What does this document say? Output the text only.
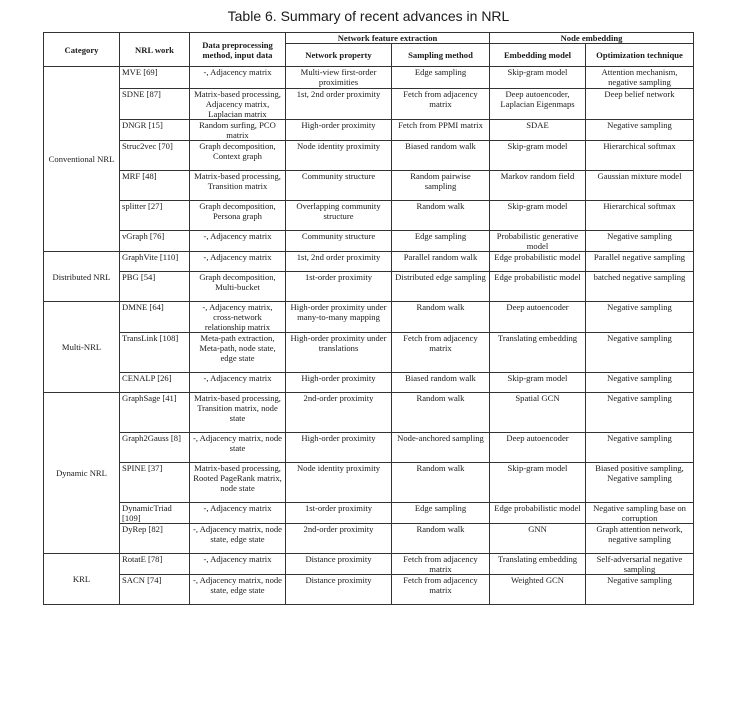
Table 6. Summary of recent advances in NRL
Category	NRL work	Data preprocessing method, input data	Network feature extraction		Node embedding	
			Network property	Sampling method	Embedding model	Optimization technique
Conventional NRL	MVE [69]	-, Adjacency matrix	Multi-view first-order proximities	Edge sampling	Skip-gram model	Attention mechanism, negative sampling
	SDNE [87]	Matrix-based processing, Adjacency matrix, Laplacian matrix	1st, 2nd order proximity	Fetch from adjacency matrix	Deep autoencoder, Laplacian Eigenmaps	Deep belief network
	DNGR [15]	Random surfing, PCO matrix	High-order proximity	Fetch from PPMI matrix	SDAE	Negative sampling
	Struc2vec [70]	Graph decomposition, Context graph	Node identity proximity	Biased random walk	Skip-gram model	Hierarchical softmax
	MRF [48]	Matrix-based processing, Transition matrix	Community structure	Random pairwise sampling	Markov random field	Gaussian mixture model
	splitter [27]	Graph decomposition, Persona graph	Overlapping community structure	Random walk	Skip-gram model	Hierarchical softmax
	vGraph [76]	-, Adjacency matrix	Community structure	Edge sampling	Probabilistic generative model	Negative sampling
Distributed NRL	GraphVite [110]	-, Adjacency matrix	1st, 2nd order proximity	Parallel random walk	Edge probabilistic model	Parallel negative sampling
	PBG [54]	Graph decomposition, Multi-bucket	1st-order proximity	Distributed edge sampling	Edge probabilistic model	batched negative sampling
Multi-NRL	DMNE [64]	-, Adjacency matrix, cross-network relationship matrix	High-order proximity under many-to-many mapping	Random walk	Deep autoencoder	Negative sampling
	TransLink [108]	Meta-path extraction, Meta-path, node state, edge state	High-order proximity under translations	Fetch from adjacency matrix	Translating embedding	Negative sampling
	CENALP [26]	-, Adjacency matrix	High-order proximity	Biased random walk	Skip-gram model	Negative sampling
Dynamic NRL	GraphSage [41]	Matrix-based processing, Transition matrix, node state	2nd-order proximity	Random walk	Spatial GCN	Negative sampling
	Graph2Gauss [8]	-, Adjacency matrix, node state	High-order proximity	Node-anchored sampling	Deep autoencoder	Negative sampling
	SPINE [37]	Matrix-based processing, Rooted PageRank matrix, node state	Node identity proximity	Random walk	Skip-gram model	Biased positive sampling, Negative sampling
	DynamicTriad [109]	-, Adjacency matrix	1st-order proximity	Edge sampling	Edge probabilistic model	Negative sampling base on corruption
	DyRep [82]	-, Adjacency matrix, node state, edge state	2nd-order proximity	Random walk	GNN	Graph attention network, negative sampling
KRL	RotatE [78]	-, Adjacency matrix	Distance proximity	Fetch from adjacency matrix	Translating embedding	Self-adversarial negative sampling
	SACN [74]	-, Adjacency matrix, node state, edge state	Distance proximity	Fetch from adjacency matrix	Weighted GCN	Negative sampling
